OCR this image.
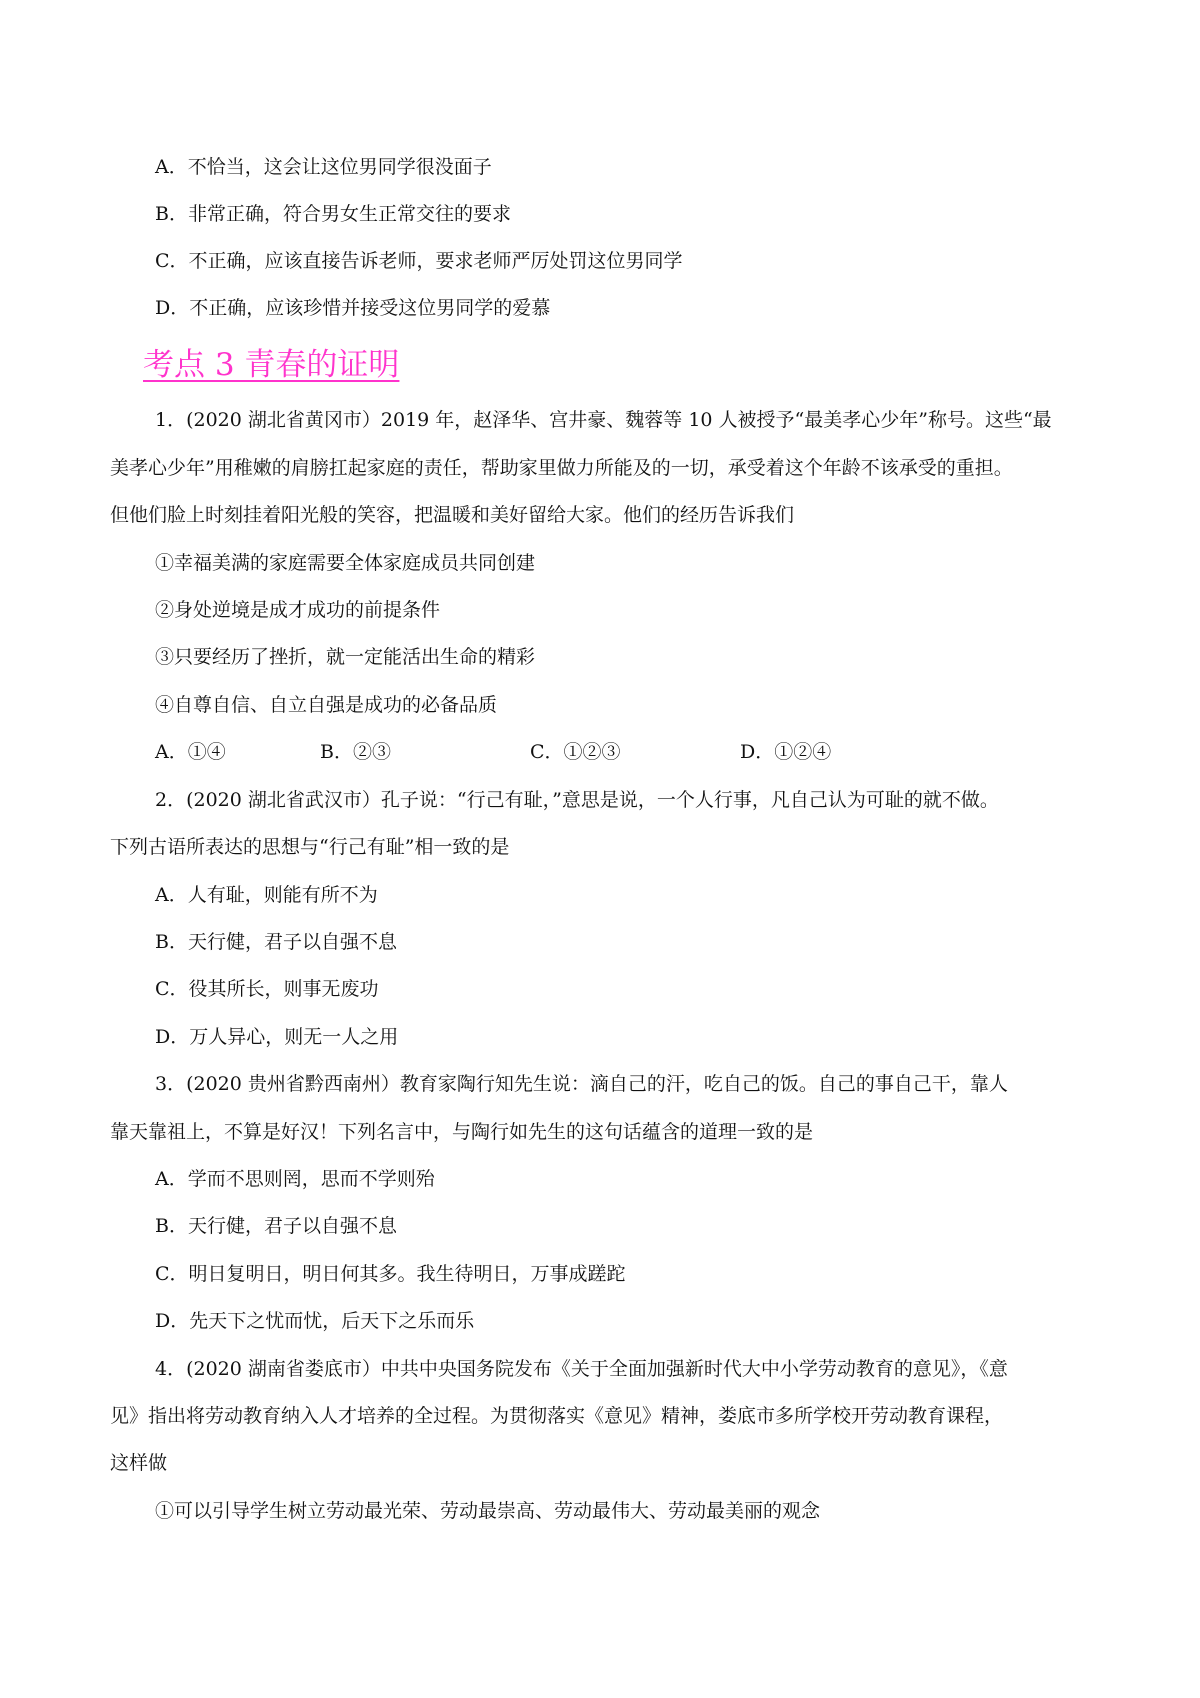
A．不恰当，这会让这位男同学很没面子
B．非常正确，符合男女生正常交往的要求
C．不正确，应该直接告诉老师，要求老师严厉处罚这位男同学
D．不正确，应该珍惜并接受这位男同学的爱慕
考点 3 青春的证明
1．(2020 湖北省黄冈市）2019 年，赵泽华、宫井豪、魏蓉等 10 人被授予“最美孝心少年”称号。这些“最
美孝心少年”用稚嫩的肩膀扛起家庭的责任，帮助家里做力所能及的一切，承受着这个年龄不该承受的重担。
但他们脸上时刻挂着阳光般的笑容，把温暖和美好留给大家。他们的经历告诉我们
①幸福美满的家庭需要全体家庭成员共同创建
②身处逆境是成才成功的前提条件
③只要经历了挫折，就一定能活出生命的精彩
④自尊自信、自立自强是成功的必备品质
A．①④	B．②③	C．①②③	D．①②④
2．(2020 湖北省武汉市）孔子说：“行己有耻，”意思是说，一个人行事，凡自己认为可耻的就不做。
下列古语所表达的思想与“行己有耻”相一致的是
A．人有耻，则能有所不为
B．天行健，君子以自强不息
C．役其所长，则事无废功
D．万人异心，则无一人之用
3．(2020 贵州省黔西南州）教育家陶行知先生说：滴自己的汗，吃自己的饭。自己的事自己干，靠人
靠天靠祖上，不算是好汉！下列名言中，与陶行如先生的这句话蕴含的道理一致的是
A．学而不思则罔，思而不学则殆
B．天行健，君子以自强不息
C．明日复明日，明日何其多。我生待明日，万事成蹉跎
D．先天下之忧而忧，后天下之乐而乐
4．(2020 湖南省娄底市）中共中央国务院发布《关于全面加强新时代大中小学劳动教育的意见》，《意
见》指出将劳动教育纳入人才培养的全过程。为贯彻落实《意见》精神，娄底市多所学校开劳动教育课程，
这样做
①可以引导学生树立劳动最光荣、劳动最崇高、劳动最伟大、劳动最美丽的观念
